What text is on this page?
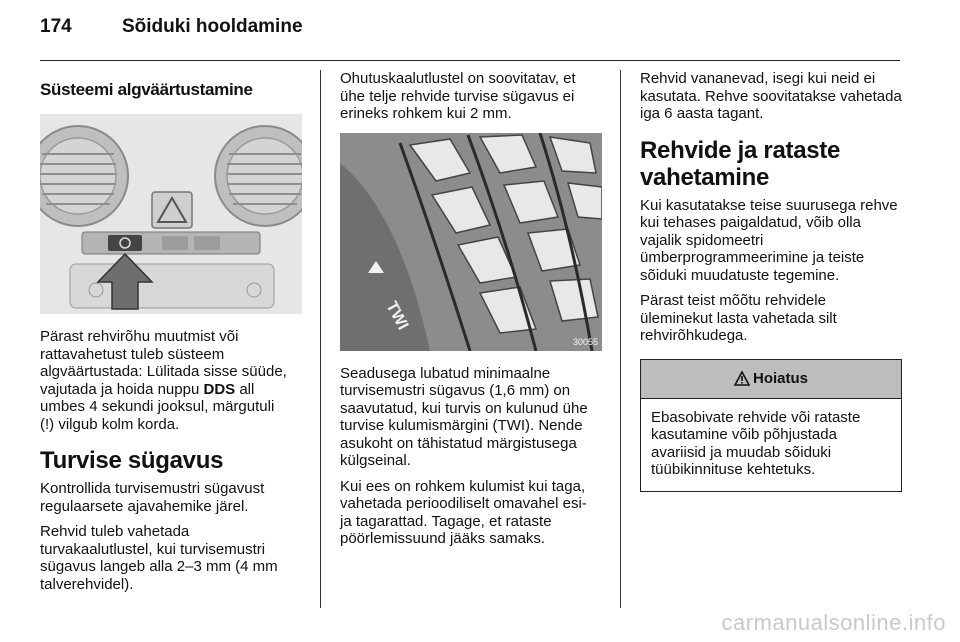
174	Sõiduki hooldamine
Süsteemi algväärtustamine

Pärast rehvirõhu muutmist või rattavahetust tuleb süsteem algväärtustada: Lülitada sisse süüde, vajutada ja hoida nuppu DDS all umbes 4 sekundi jooksul, märgutuli
(!) vilgub kolm korda.

Turvise sügavus

Kontrollida turvisemustri sügavust regulaarsete ajavahemike järel.

Rehvid tuleb vahetada turvakaalutlustel, kui turvisemustri sügavus langeb alla 2–3 mm (4 mm talverehvidel).

Ohutuskaalutlustel on soovitatav, et ühe telje rehvide turvise sügavus ei erineks rohkem kui 2 mm.

TWI
30055

Seadusega lubatud minimaalne turvisemustri sügavus (1,6 mm) on saavutatud, kui turvis on kulunud ühe turvise kulumismärgini (TWI). Nende asukoht on tähistatud märgistusega külgseinal.

Kui ees on rohkem kulumist kui taga, vahetada perioodiliselt omavahel esi- ja tagarattad. Tagage, et rataste pöörlemissuund jääks samaks.

Rehvid vananevad, isegi kui neid ei kasutata. Rehve soovitatakse vahetada iga 6 aasta tagant.

Rehvide ja rataste vahetamine

Kui kasutatakse teise suurusega rehve kui tehases paigaldatud, võib olla vajalik spidomeetri ümberprogrammeerimine ja teiste sõiduki muudatuste tegemine.

Pärast teist mõõtu rehvidele üleminekut lasta vahetada silt rehvirõhkudega.

Hoiatus

Ebasobivate rehvide või rataste kasutamine võib põhjustada avariisid ja muudab sõiduki tüübikinnituse kehtetuks.

carmanualsonline.info
